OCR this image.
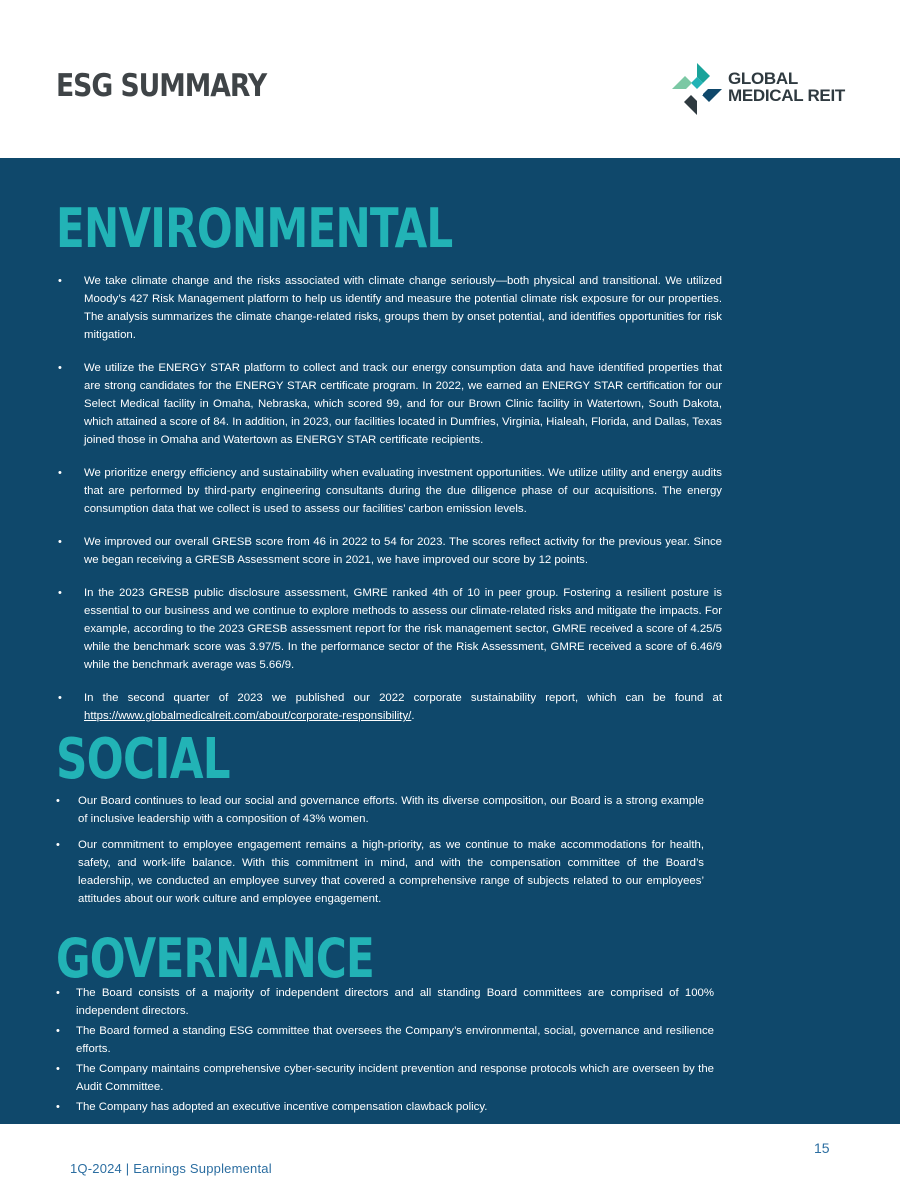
ESG SUMMARY	GLOBAL
MEDICAL REIT
ENVIRONMENTAL
• We take climate change and the risks associated with climate change seriously—both physical and transitional. We utilized Moody’s 427 Risk Management platform to help us identify and measure the potential climate risk exposure for our properties. The analysis summarizes the climate change-related risks, groups them by onset potential, and identifies opportunities for risk mitigation.
• We utilize the ENERGY STAR platform to collect and track our energy consumption data and have identified properties that are strong candidates for the ENERGY STAR certificate program. In 2022, we earned an ENERGY STAR certification for our Select Medical facility in Omaha, Nebraska, which scored 99, and for our Brown Clinic facility in Watertown, South Dakota, which attained a score of 84. In addition, in 2023, our facilities located in Dumfries, Virginia, Hialeah, Florida, and Dallas, Texas joined those in Omaha and Watertown as ENERGY STAR certificate recipients.
• We prioritize energy efficiency and sustainability when evaluating investment opportunities. We utilize utility and energy audits that are performed by third-party engineering consultants during the due diligence phase of our acquisitions. The energy consumption data that we collect is used to assess our facilities’ carbon emission levels.
• We improved our overall GRESB score from 46 in 2022 to 54 for 2023. The scores reflect activity for the previous year. Since we began receiving a GRESB Assessment score in 2021, we have improved our score by 12 points.
• In the 2023 GRESB public disclosure assessment, GMRE ranked 4th of 10 in peer group. Fostering a resilient posture is essential to our business and we continue to explore methods to assess our climate-related risks and mitigate the impacts. For example, according to the 2023 GRESB assessment report for the risk management sector, GMRE received a score of 4.25/5 while the benchmark score was 3.97/5. In the performance sector of the Risk Assessment, GMRE received a score of 6.46/9 while the benchmark average was 5.66/9.
• In the second quarter of 2023 we published our 2022 corporate sustainability report, which can be found at https://www.globalmedicalreit.com/about/corporate-responsibility/.
SOCIAL
• Our Board continues to lead our social and governance efforts. With its diverse composition, our Board is a strong example of inclusive leadership with a composition of 43% women.
• Our commitment to employee engagement remains a high-priority, as we continue to make accommodations for health, safety, and work-life balance. With this commitment in mind, and with the compensation committee of the Board’s leadership, we conducted an employee survey that covered a comprehensive range of subjects related to our employees’ attitudes about our work culture and employee engagement.
GOVERNANCE
• The Board consists of a majority of independent directors and all standing Board committees are comprised of 100% independent directors.
• The Board formed a standing ESG committee that oversees the Company’s environmental, social, governance and resilience efforts.
• The Company maintains comprehensive cyber-security incident prevention and response protocols which are overseen by the Audit Committee.
• The Company has adopted an executive incentive compensation clawback policy.
15
1Q-2024 | Earnings Supplemental
